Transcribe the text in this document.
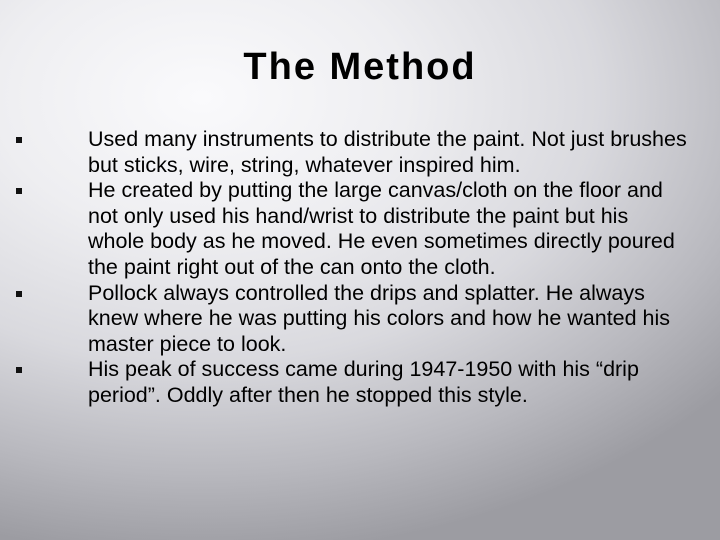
The Method
Used many instruments to distribute the paint. Not just brushes but sticks, wire, string, whatever inspired him.
He created by putting the large canvas/cloth on the floor and not only used his hand/wrist to distribute the paint but his whole body as he moved. He even sometimes directly poured the paint right out of the can onto the cloth.
Pollock always controlled the drips and splatter. He always knew where he was putting his colors and how he wanted his master piece to look.
His peak of success came during 1947-1950 with his “drip period”. Oddly after then he stopped this style.
